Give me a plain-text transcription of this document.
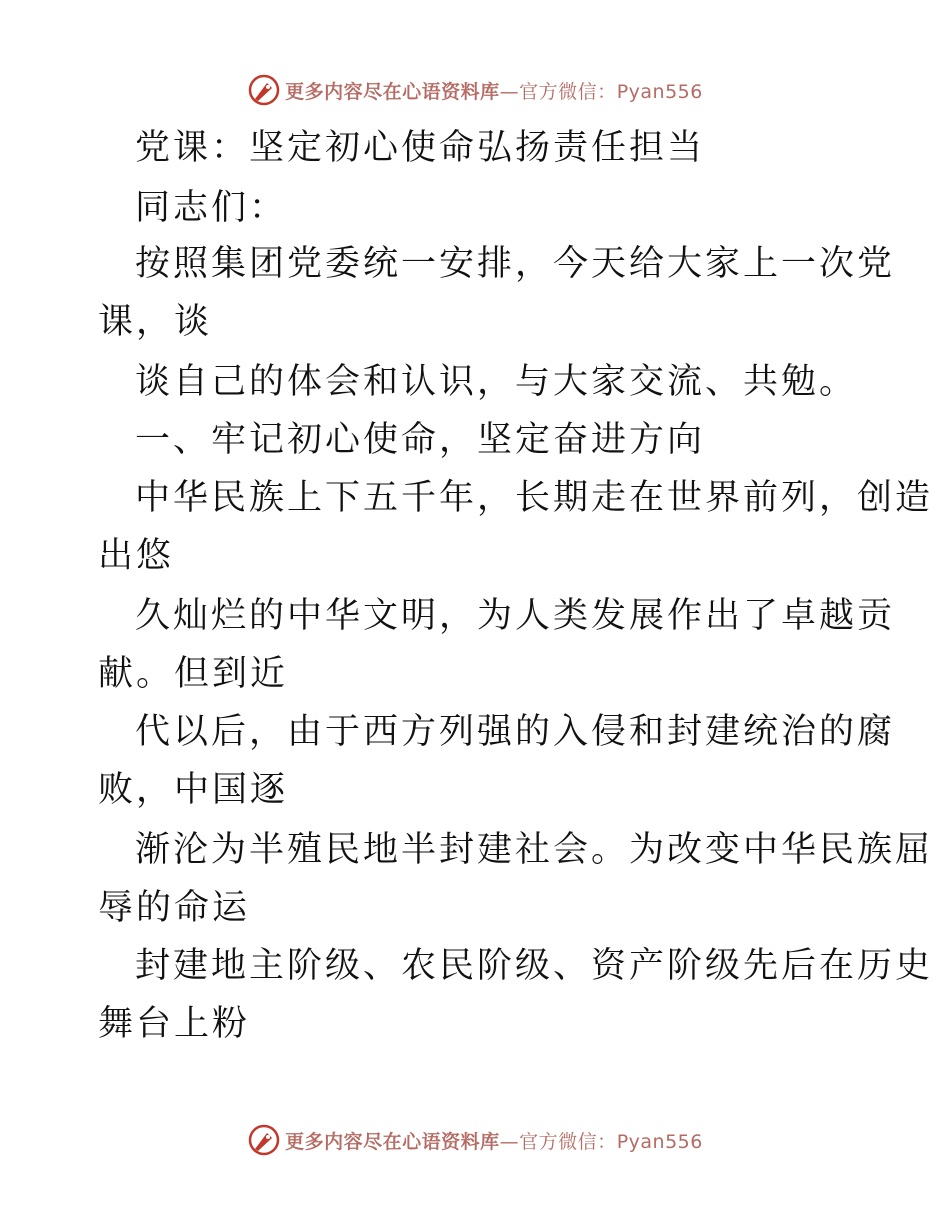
更多内容尽在心语资料库—官方微信：Pyan556
党课：坚定初心使命弘扬责任担当
同志们：
按照集团党委统一安排，今天给大家上一次党
课，谈
谈自己的体会和认识，与大家交流、共勉。
一、牢记初心使命，坚定奋进方向
中华民族上下五千年，长期走在世界前列，创造
出悠
久灿烂的中华文明，为人类发展作出了卓越贡
献。但到近
代以后，由于西方列强的入侵和封建统治的腐
败，中国逐
渐沦为半殖民地半封建社会。为改变中华民族屈
辱的命运
封建地主阶级、农民阶级、资产阶级先后在历史
舞台上粉
更多内容尽在心语资料库—官方微信：Pyan556
